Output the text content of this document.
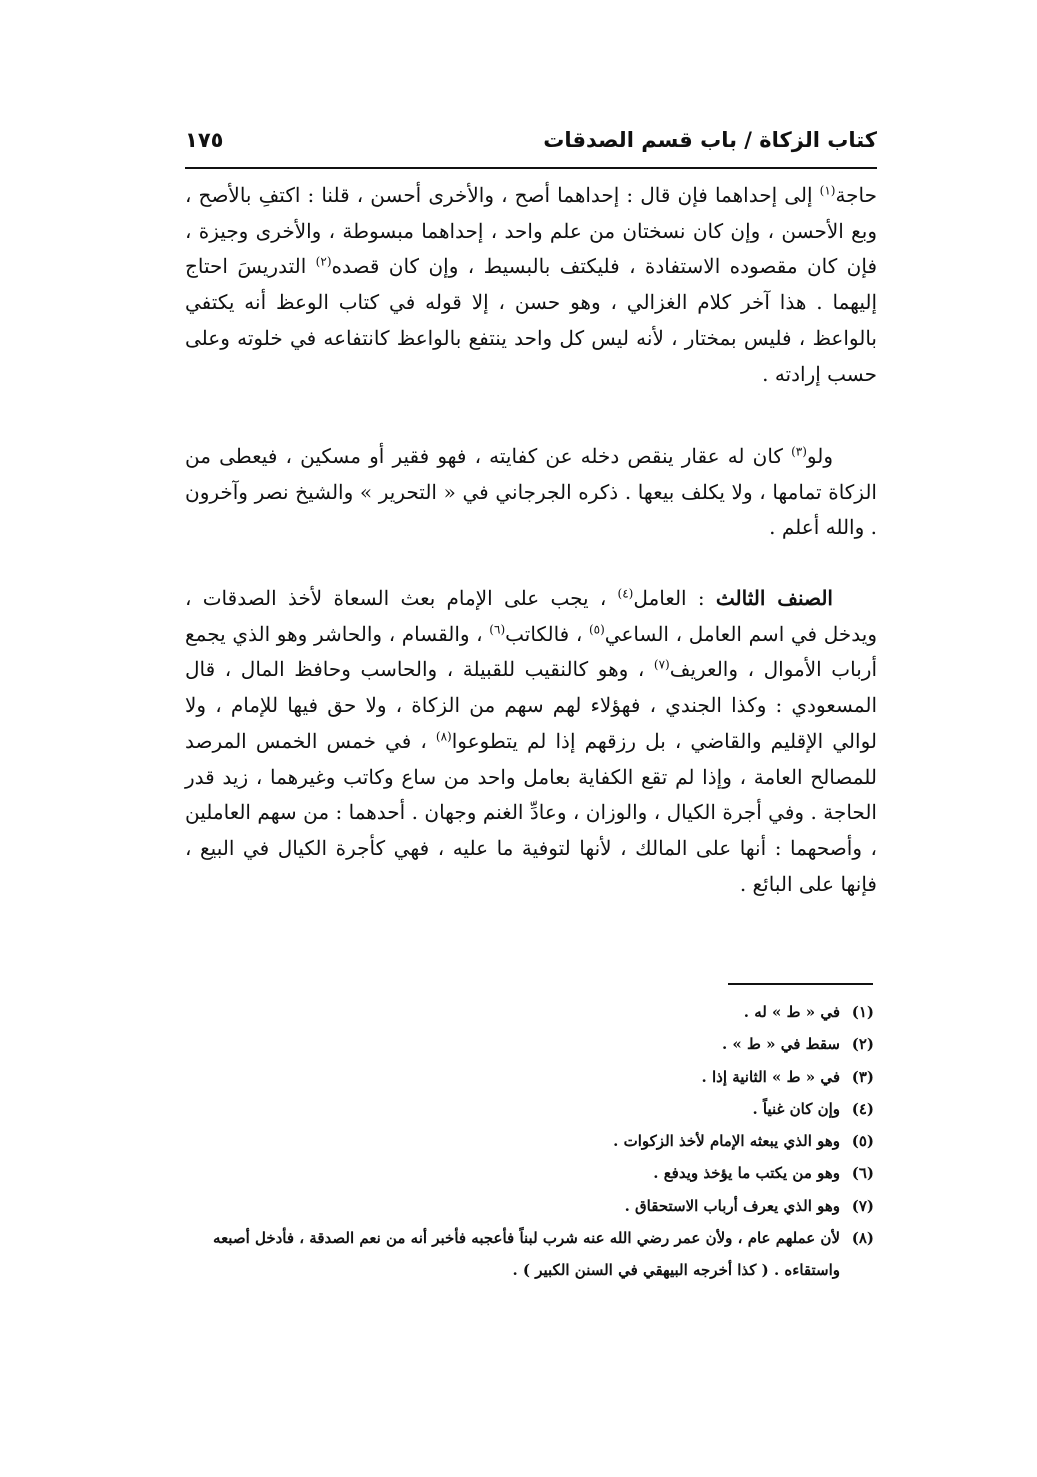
كتاب الزكاة / باب قسم الصدقات
١٧٥

حاجة$^{(١)}$ إلى إحداهما فإن قال : إحداهما أصح ، والأخرى أحسن ، قلنا : اكتفِ بالأصح ، وبع الأحسن ، وإن كان نسختان من علم واحد ، إحداهما مبسوطة ، والأخرى وجيزة ، فإن كان مقصوده الاستفادة ، فليكتف بالبسيط ، وإن كان قصده$^{(٢)}$ التدريسَ احتاج إليهما . هذا آخر كلام الغزالي ، وهو حسن ، إلا قوله في كتاب الوعظ أنه يكتفي بالواعظ ، فليس بمختار ، لأنه ليس كل واحد ينتفع بالواعظ كانتفاعه في خلوته وعلى حسب إرادته .

ولو$^{(٣)}$ كان له عقار ينقص دخله عن كفايته ، فهو فقير أو مسكين ، فيعطى من الزكاة تمامها ، ولا يكلف بيعها . ذكره الجرجاني في « التحرير » والشيخ نصر وآخرون . والله أعلم .

الصنف الثالث : العامل$^{(٤)}$ ، يجب على الإمام بعث السعاة لأخذ الصدقات ، ويدخل في اسم العامل ، الساعي$^{(٥)}$ ، فالكاتب$^{(٦)}$ ، والقسام ، والحاشر وهو الذي يجمع أرباب الأموال ، والعريف$^{(٧)}$ ، وهو كالنقيب للقبيلة ، والحاسب وحافظ المال ، قال المسعودي : وكذا الجندي ، فهؤلاء لهم سهم من الزكاة ، ولا حق فيها للإمام ، ولا لوالي الإقليم والقاضي ، بل رزقهم إذا لم يتطوعوا$^{(٨)}$ ، في خمس الخمس المرصد للمصالح العامة ، وإذا لم تقع الكفاية بعامل واحد من ساع وكاتب وغيرهما ، زيد قدر الحاجة . وفي أجرة الكيال ، والوزان ، وعادِّ الغنم وجهان . أحدهما : من سهم العاملين ، وأصحهما : أنها على المالك ، لأنها لتوفية ما عليه ، فهي كأجرة الكيال في البيع ، فإنها على البائع .

(١)
في « ط » له .
(٢)
سقط في « ط » .
(٣)
في « ط » الثانية إذا .
(٤)
وإن كان غنياً .
(٥)
وهو الذي يبعثه الإمام لأخذ الزكوات .
(٦)
وهو من يكتب ما يؤخذ ويدفع .
(٧)
وهو الذي يعرف أرباب الاستحقاق .
(٨)
لأن عملهم عام ، ولأن عمر رضي الله عنه شرب لبناً فأعجبه فأخبر أنه من نعم الصدقة ، فأدخل أصبعه واستقاءه . ( كذا أخرجه البيهقي في السنن الكبير ) .
